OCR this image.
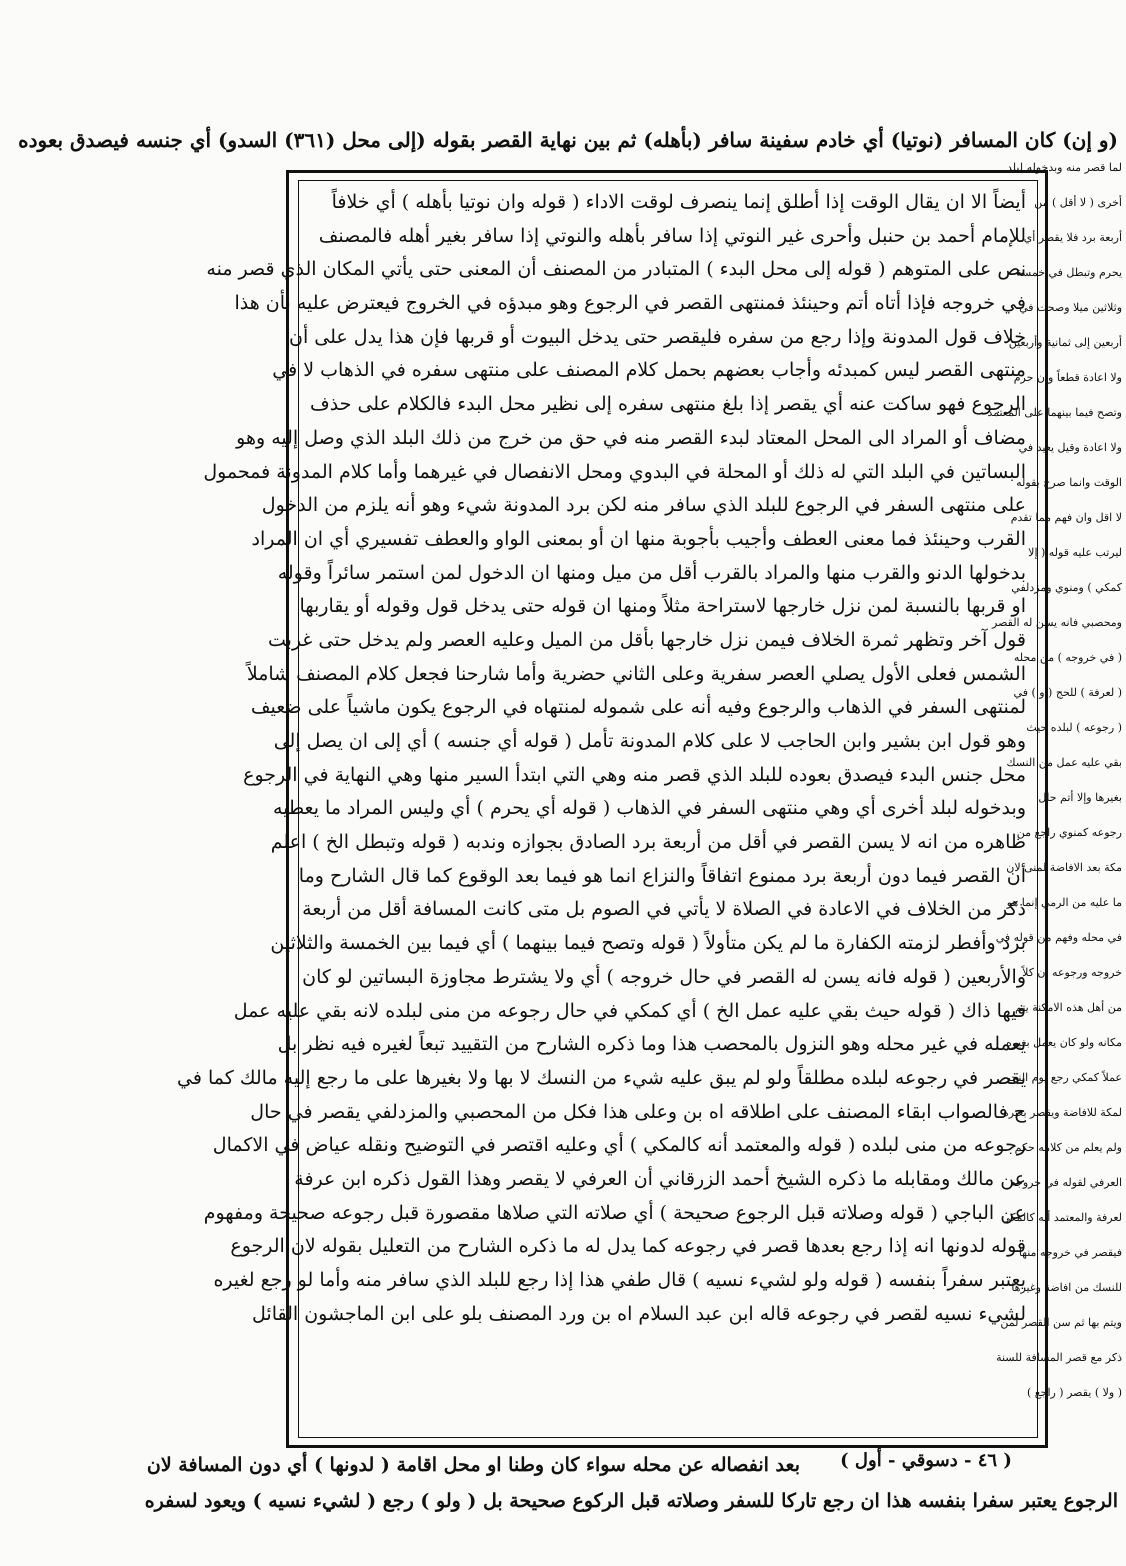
(و إن) كان المسافر (نوتيا) أي خادم سفينة سافر (بأهله) ثم بين نهاية القصر بقوله (إلى محل (٣٦١) السدو) أي جنسه فيصدق بعوده
لما قصر منه وبدخوله لبلد
أخرى ( لا أقل ) من
أربعة برد فلا يقصر أي
يحرم وتبطل في خمسة
وثلاثين ميلا وصحت في
أربعين إلى ثمانية وأربعين
ولا اعادة قطعاً وان حرم
وتصح فيما بينهما على المعتمد
ولا اعادة وقيل يعيد في
الوقت وانما صرح بقوله
لا اقل وان فهم مما تقدم
ليرتب عليه قوله ( إلا
كمكي ) ومنوي ومزدلفي
ومحصبي فانه يسن له القصر
( في خروجه ) من محله
( لعرفة ) للحج ( و ) في
( رجوعه ) لبلده حيث
بقي عليه عمل من النسك
بغيرها وإلا أتم حال
رجوعه كمنوي راجع من
مكة بعد الافاضة لمنى لان
ما عليه من الرمي إنما هو
في محله وفهم من قوله في
خروجه ورجوعه ان كلاً
من أهل هذه الامكنة يتم
مكانه ولو كان يعمل بغيره
عملاً كمكي رجع يوم النحر
لمكة للافاضة ويقصر بغيره
ولم يعلم من كلامه حكم
العرفي لقوله في خروجه
لعرفة والمعتمد أنه كالمكي
فيقصر في خروجه منها
للنسك من افاضة وغيرها
ويتم بها ثم سن القصر لمن
ذكر مع قصر المسافة للسنة
( ولا ) يقصر ( راجع )
أيضاً الا ان يقال الوقت إذا أطلق إنما ينصرف لوقت الاداء ( قوله وان نوتيا بأهله ) أي خلافاً
للإمام أحمد بن حنبل وأحرى غير النوتي إذا سافر بأهله والنوتي إذا سافر بغير أهله فالمصنف
نص على المتوهم ( قوله إلى محل البدء ) المتبادر من المصنف أن المعنى حتى يأتي المكان الذي قصر منه
في خروجه فإذا أتاه أتم وحينئذ فمنتهى القصر في الرجوع وهو مبدؤه في الخروج فيعترض عليه بأن هذا
خلاف قول المدونة وإذا رجع من سفره فليقصر حتى يدخل البيوت أو قربها فإن هذا يدل على أن
منتهى القصر ليس كمبدئه وأجاب بعضهم بحمل كلام المصنف على منتهى سفره في الذهاب لا في
الرجوع فهو ساكت عنه أي يقصر إذا بلغ منتهى سفره إلى نظير محل البدء فالكلام على حذف
مضاف أو المراد الى المحل المعتاد لبدء القصر منه في حق من خرج من ذلك البلد الذي وصل إليه وهو
البساتين في البلد التي له ذلك أو المحلة في البدوي ومحل الانفصال في غيرهما وأما كلام المدونة فمحمول
على منتهى السفر في الرجوع للبلد الذي سافر منه لكن برد المدونة شيء وهو أنه يلزم من الدخول
القرب وحينئذ فما معنى العطف وأجيب بأجوبة منها ان أو بمعنى الواو والعطف تفسيري أي ان المراد
بدخولها الدنو والقرب منها والمراد بالقرب أقل من ميل ومنها ان الدخول لمن استمر سائراً وقوله
او قربها بالنسبة لمن نزل خارجها لاستراحة مثلاً ومنها ان قوله حتى يدخل قول وقوله أو يقاربها
قول آخر وتظهر ثمرة الخلاف فيمن نزل خارجها بأقل من الميل وعليه العصر ولم يدخل حتى غربت
الشمس فعلى الأول يصلي العصر سفرية وعلى الثاني حضرية وأما شارحنا فجعل كلام المصنف شاملاً
لمنتهى السفر في الذهاب والرجوع وفيه أنه على شموله لمنتهاه في الرجوع يكون ماشياً على ضعيف
وهو قول ابن بشير وابن الحاجب لا على كلام المدونة تأمل ( قوله أي جنسه ) أي إلى ان يصل إلى
محل جنس البدء فيصدق بعوده للبلد الذي قصر منه وهي التي ابتدأ السير منها وهي النهاية في الرجوع
وبدخوله لبلد أخرى أي وهي منتهى السفر في الذهاب ( قوله أي يحرم ) أي وليس المراد ما يعطيه
ظاهره من انه لا يسن القصر في أقل من أربعة برد الصادق بجوازه وندبه ( قوله وتبطل الخ ) اعلم
أن القصر فيما دون أربعة برد ممنوع اتفاقاً والنزاع انما هو فيما بعد الوقوع كما قال الشارح وما
ذكر من الخلاف في الاعادة في الصلاة لا يأتي في الصوم بل متى كانت المسافة أقل من أربعة
برد وأفطر لزمته الكفارة ما لم يكن متأولاً ( قوله وتصح فيما بينهما ) أي فيما بين الخمسة والثلاثين
والأربعين ( قوله فانه يسن له القصر في حال خروجه ) أي ولا يشترط مجاوزة البساتين لو كان
فيها ذاك ( قوله حيث بقي عليه عمل الخ ) أي كمكي في حال رجوعه من منى لبلده لانه بقي عليه عمل
يعمله في غير محله وهو النزول بالمحصب هذا وما ذكره الشارح من التقييد تبعاً لغيره فيه نظر بل
يقصر في رجوعه لبلده مطلقاً ولو لم يبق عليه شيء من النسك لا بها ولا بغيرها على ما رجع إليه مالك كما في
ح فالصواب ابقاء المصنف على اطلاقه اه بن وعلى هذا فكل من المحصبي والمزدلفي يقصر في حال
رجوعه من منى لبلده ( قوله والمعتمد أنه كالمكي ) أي وعليه اقتصر في التوضيح ونقله عياض في الاكمال
عن مالك ومقابله ما ذكره الشيخ أحمد الزرقاني أن العرفي لا يقصر وهذا القول ذكره ابن عرفة
عن الباجي ( قوله وصلاته قبل الرجوع صحيحة ) أي صلاته التي صلاها مقصورة قبل رجوعه صحيحة ومفهوم
قوله لدونها انه إذا رجع بعدها قصر في رجوعه كما يدل له ما ذكره الشارح من التعليل بقوله لان الرجوع
يعتبر سفراً بنفسه ( قوله ولو لشيء نسيه ) قال طفي هذا إذا رجع للبلد الذي سافر منه وأما لو رجع لغيره
لشيء نسيه لقصر في رجوعه قاله ابن عبد السلام اه بن ورد المصنف بلو على ابن الماجشون القائل
( ٤٦ - دسوقي - أول )
بعد انفصاله عن محله سواء كان وطنا او محل اقامة ( لدونها ) أي دون المسافة لان
الرجوع يعتبر سفرا بنفسه هذا ان رجع تاركا للسفر وصلاته قبل الركوع صحيحة بل ( ولو ) رجع ( لشيء نسيه ) ويعود لسفره
